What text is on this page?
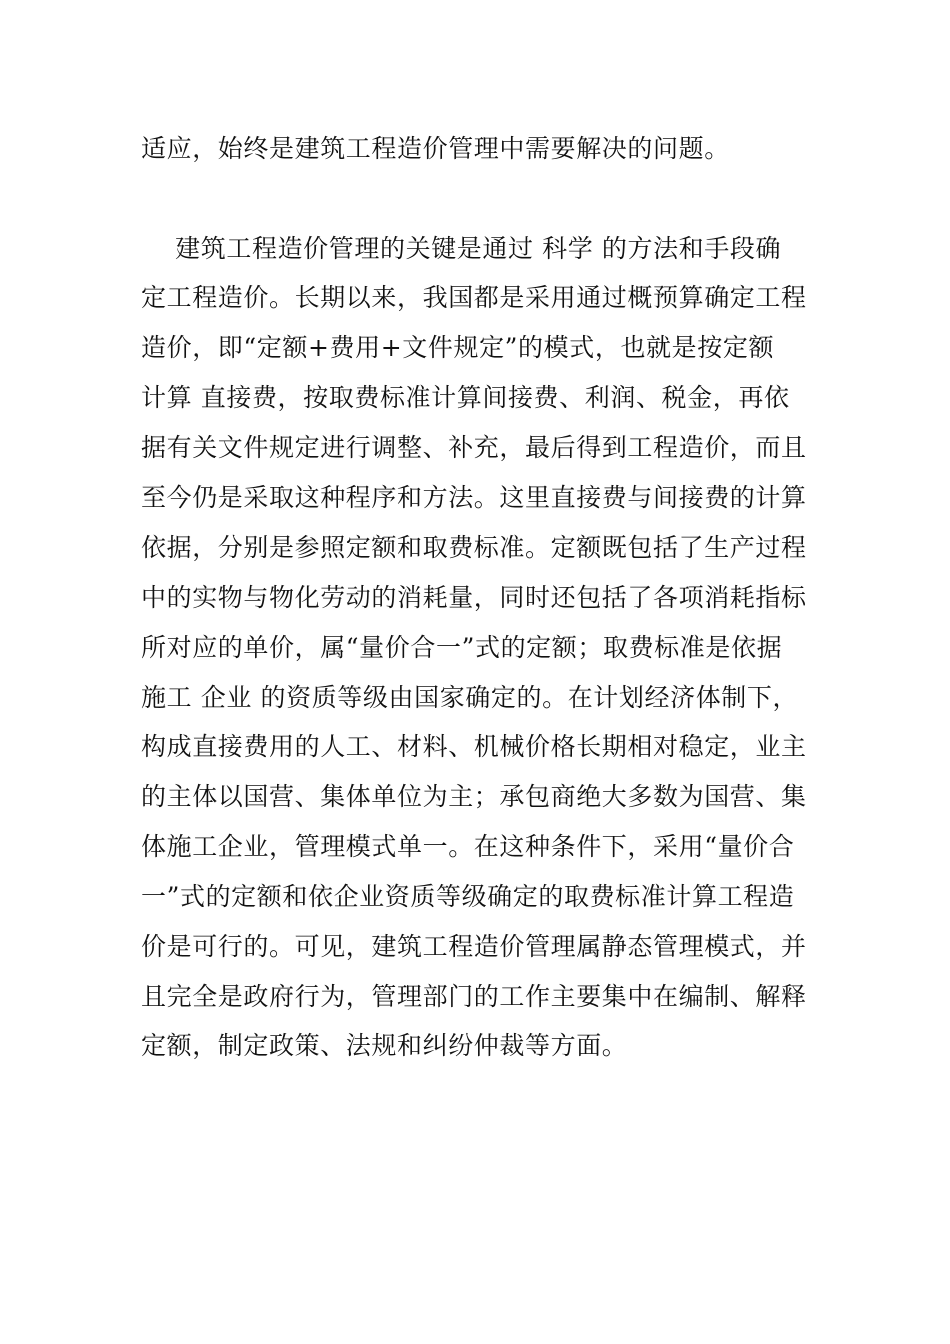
适应，始终是建筑工程造价管理中需要解决的问题。
建筑工程造价管理的关键是通过 科学 的方法和手段确
定工程造价。长期以来，我国都是采用通过概预算确定工程
造价，即“定额+费用+文件规定”的模式，也就是按定额
计算 直接费，按取费标准计算间接费、利润、税金，再依
据有关文件规定进行调整、补充，最后得到工程造价，而且
至今仍是采取这种程序和方法。这里直接费与间接费的计算
依据，分别是参照定额和取费标准。定额既包括了生产过程
中的实物与物化劳动的消耗量，同时还包括了各项消耗指标
所对应的单价，属“量价合一”式的定额；取费标准是依据
施工 企业 的资质等级由国家确定的。在计划经济体制下，
构成直接费用的人工、材料、机械价格长期相对稳定，业主
的主体以国营、集体单位为主；承包商绝大多数为国营、集
体施工企业，管理模式单一。在这种条件下，采用“量价合
一”式的定额和依企业资质等级确定的取费标准计算工程造
价是可行的。可见，建筑工程造价管理属静态管理模式，并
且完全是政府行为，管理部门的工作主要集中在编制、解释
定额，制定政策、法规和纠纷仲裁等方面。
